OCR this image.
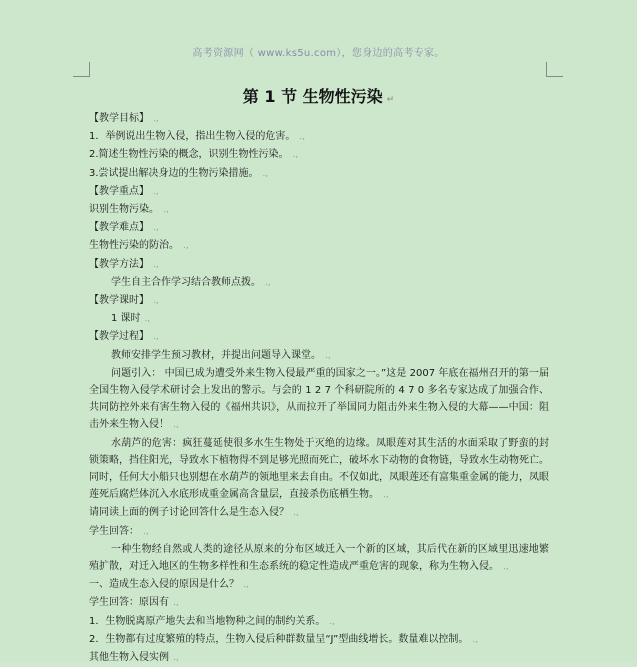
高考资源网（ www.ks5u.com），您身边的高考专家。
第 1 节 生物性污染 ↵
【教学目标】 .,
1．举例说出生物入侵，指出生物入侵的危害。 .,
2.简述生物性污染的概念，识别生物性污染。 .,
3.尝试提出解决身边的生物污染措施。 .,
【教学重点】 .,
识别生物污染。 .,
【教学难点】 .,
生物性污染的防治。 .,
【教学方法】 .,
学生自主合作学习结合教师点拨。 .,
【教学课时】 .,
1 课时 .,
【教学过程】 .,
教师安排学生预习教材，并提出问题导入课堂。 .,
问题引入： 中国已成为遭受外来生物入侵最严重的国家之一。”这是 2007 年底在福州召开的第一届全国生物入侵学术研讨会上发出的警示。与会的 1 2 7 个科研院所的 4 7 0 多名专家达成了加强合作、共同防控外来有害生物入侵的《福州共识》，从而拉开了举国同力阻击外来生物入侵的大幕——中国：阻击外来生物入侵！ .,
水葫芦的危害：疯狂蔓延使很多水生生物处于灭绝的边缘。凤眼莲对其生活的水面采取了野蛮的封锁策略，挡住阳光，导致水下植物得不到足够光照而死亡，破坏水下动物的食物链，导致水生动物死亡。同时，任何大小船只也别想在水葫芦的领地里来去自由。不仅如此，凤眼莲还有富集重金属的能力，凤眼莲死后腐烂体沉入水底形成重金属高含量层，直接杀伤底栖生物。 .,
请同读上面的例子讨论回答什么是生态入侵？ .,
学生回答： .,
一种生物经自然或人类的途径从原来的分布区域迁入一个新的区域，其后代在新的区域里迅速地繁殖扩散，对迁入地区的生物多样性和生态系统的稳定性造成严重危害的现象，称为生物入侵。 .,
一、造成生态入侵的原因是什么？ .,
学生回答：原因有 .,
1．生物脱离原产地失去和当地物种之间的制约关系。 .,
2．生物都有过度繁殖的特点，生物入侵后种群数量呈“J”型曲线增长。数量难以控制。 .,
其他生物入侵实例 .,
